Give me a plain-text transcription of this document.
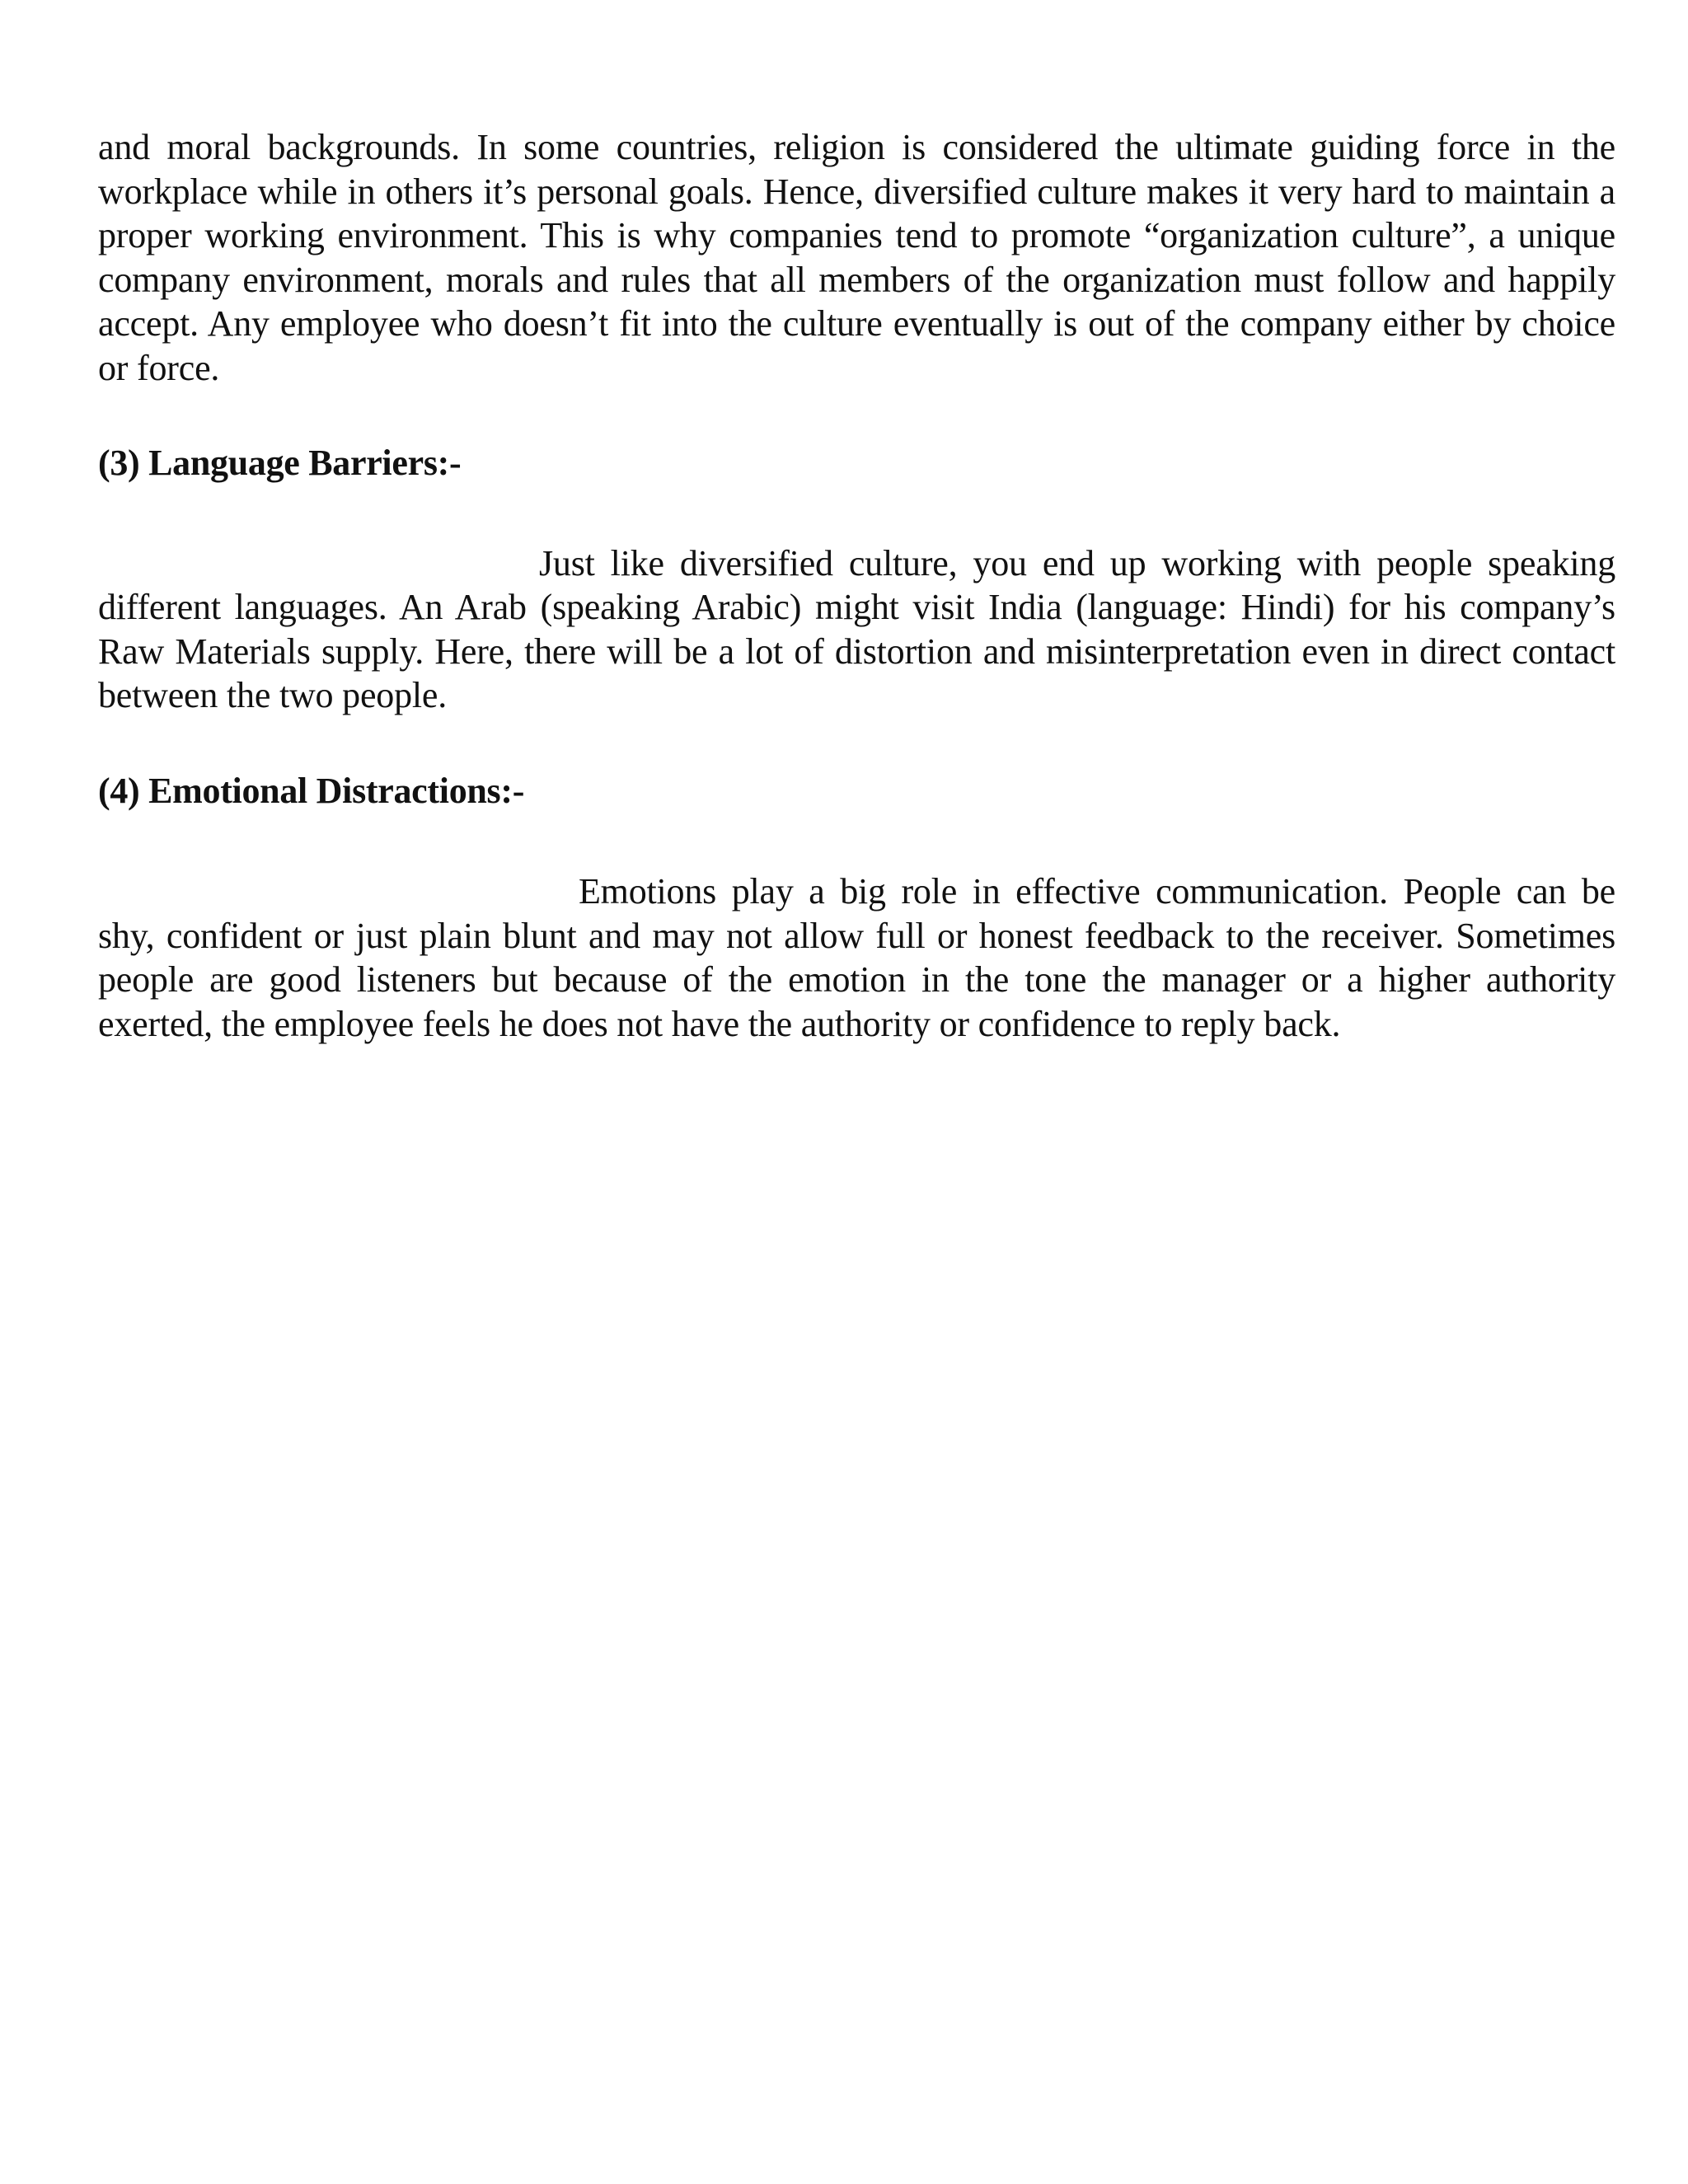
and moral backgrounds. In some countries, religion is considered the ultimate guiding force in the workplace while in others it’s personal goals. Hence, diversified culture makes it very hard to maintain a proper working environment. This is why companies tend to promote “organization culture”, a unique company environment, morals and rules that all members of the organization must follow and happily accept. Any employee who doesn’t fit into the culture eventually is out of the company either by choice or force.

(3) Language Barriers:-

Just like diversified culture, you end up working with people speaking different languages. An Arab (speaking Arabic) might visit India (language: Hindi) for his company’s Raw Materials supply. Here, there will be a lot of distortion and misinterpretation even in direct contact between the two people.

(4) Emotional Distractions:-

Emotions play a big role in effective communication. People can be shy, confident or just plain blunt and may not allow full or honest feedback to the receiver. Sometimes people are good listeners but because of the emotion in the tone the manager or a higher authority exerted, the employee feels he does not have the authority or confidence to reply back.
